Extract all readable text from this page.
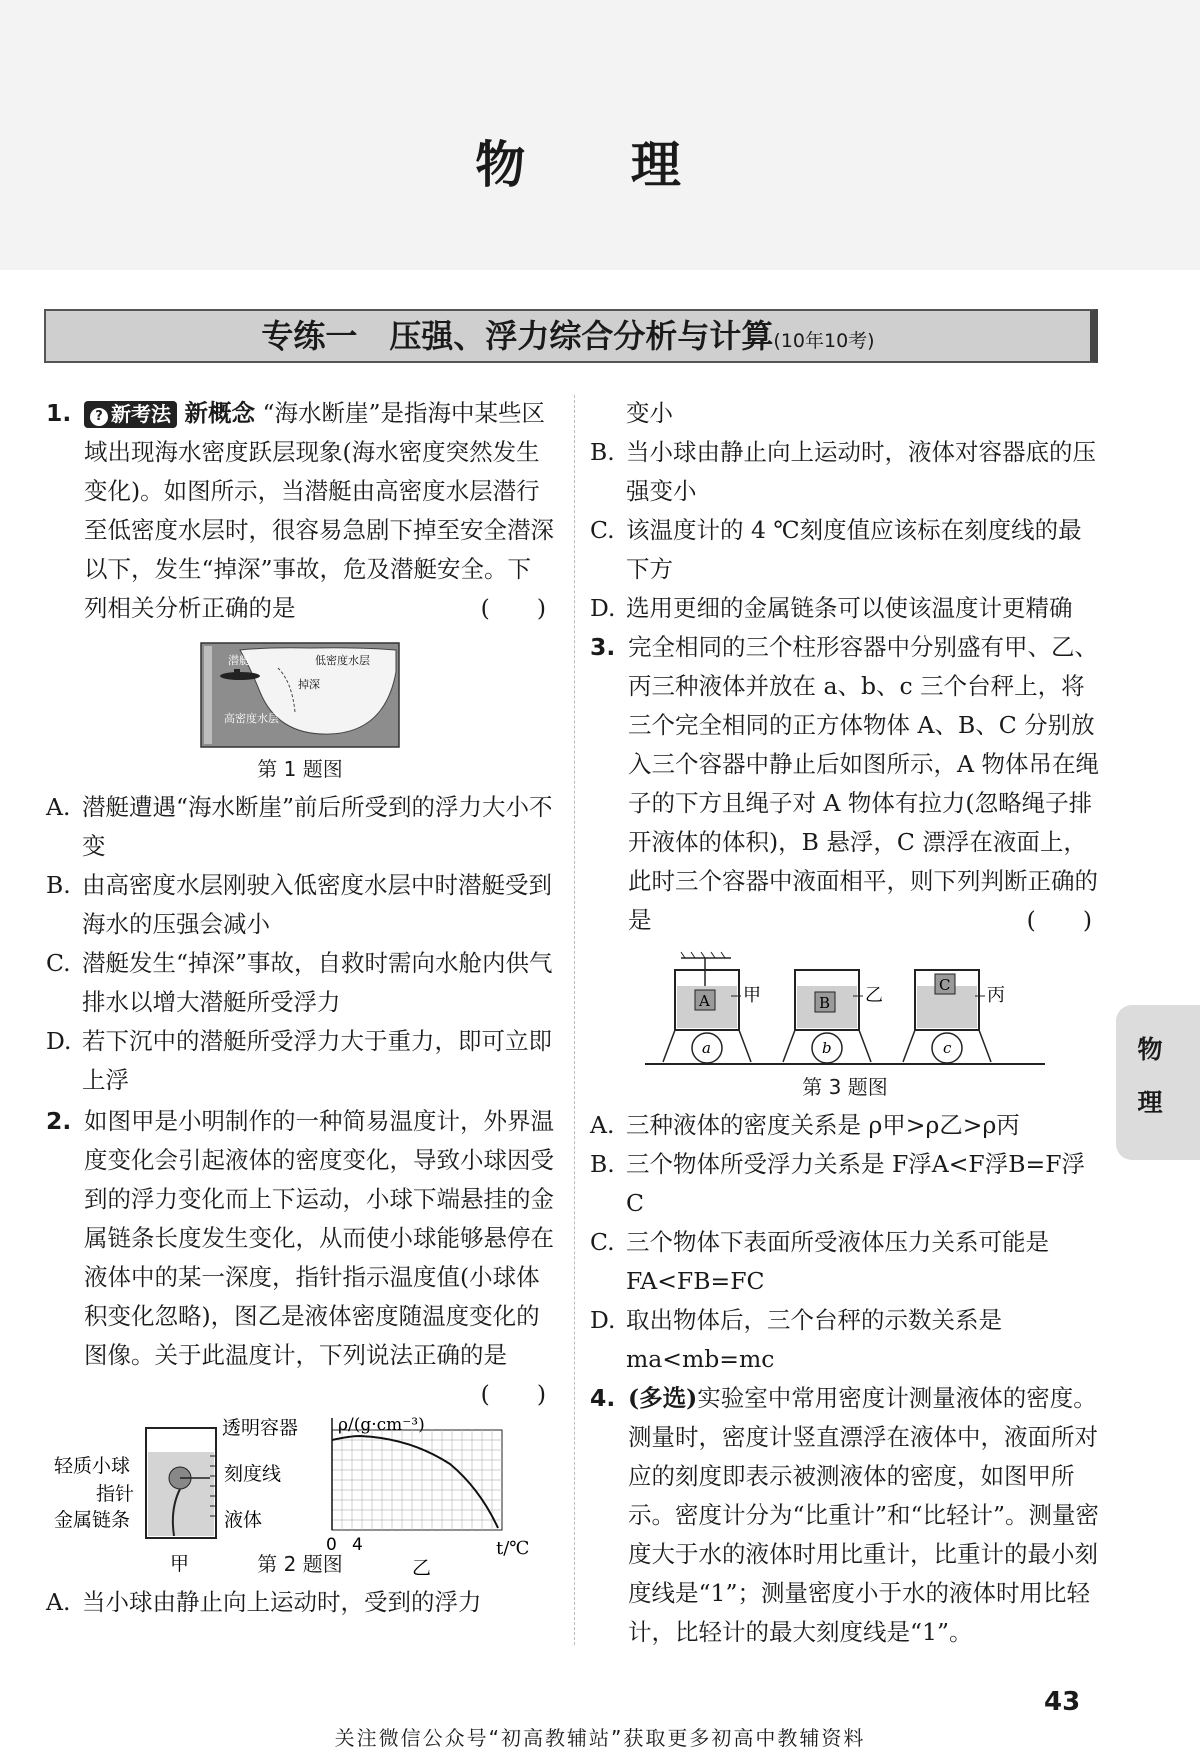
物 理
专练一　压强、浮力综合分析与计算(10年10考)
1.	? 新考法 新概念 “海水断崖”是指海中某些区域出现海水密度跃层现象(海水密度突然发生变化)。如图所示，当潜艇由高密度水层潜行至低密度水层时，很容易急剧下掉至安全潜深以下，发生“掉深”事故，危及潜艇安全。下列相关分析正确的是	(　　)

潜艇	低密度水层
掉深
高密度水层
第 1 题图
A. 潜艇遭遇“海水断崖”前后所受到的浮力大小不变
B. 由高密度水层刚驶入低密度水层中时潜艇受到海水的压强会减小
C. 潜艇发生“掉深”事故，自救时需向水舱内供气排水以增大潜艇所受浮力
D. 若下沉中的潜艇所受浮力大于重力，即可立即上浮
2. 如图甲是小明制作的一种简易温度计，外界温度变化会引起液体的密度变化，导致小球因受到的浮力变化而上下运动，小球下端悬挂的金属链条长度发生变化，从而使小球能够悬停在液体中的某一深度，指针指示温度值(小球体积变化忽略)，图乙是液体密度随温度变化的图像。关于此温度计，下列说法正确的是
(　　)

透明容器
轻质小球	刻度线
指针
液体
金属链条
甲
ρ/(g·cm⁻³)
0 4	t/℃
乙
第 2 题图
A. 当小球由静止向上运动时，受到的浮力
变小
B. 当小球由静止向上运动时，液体对容器底的压强变小
C. 该温度计的 4 ℃刻度值应该标在刻度线的最下方
D. 选用更细的金属链条可以使该温度计更精确
3. 完全相同的三个柱形容器中分别盛有甲、乙、丙三种液体并放在 a、b、c 三个台秤上，将三个完全相同的正方体物体 A、B、C 分别放入三个容器中静止后如图所示，A 物体吊在绳子的下方且绳子对 A 物体有拉力(忽略绳子排开液体的体积)，B 悬浮，C 漂浮在液面上，此时三个容器中液面相平，则下列判断正确的是	(　　)

A 甲
a
B 乙
b
C 丙
c
第 3 题图
A. 三种液体的密度关系是 ρ甲>ρ乙>ρ丙
B. 三个物体所受浮力关系是 F浮A<F浮B=F浮C
C. 三个物体下表面所受液体压力关系可能是 FA<FB=FC
D. 取出物体后，三个台秤的示数关系是 ma<mb=mc
4. (多选)实验室中常用密度计测量液体的密度。测量时，密度计竖直漂浮在液体中，液面所对应的刻度即表示被测液体的密度，如图甲所示。密度计分为“比重计”和“比轻计”。测量密度大于水的液体时用比重计，比重计的最小刻度线是“1”；测量密度小于水的液体时用比轻计，比轻计的最大刻度线是“1”。

物
理
43
关注微信公众号“初高教辅站”获取更多初高中教辅资料
